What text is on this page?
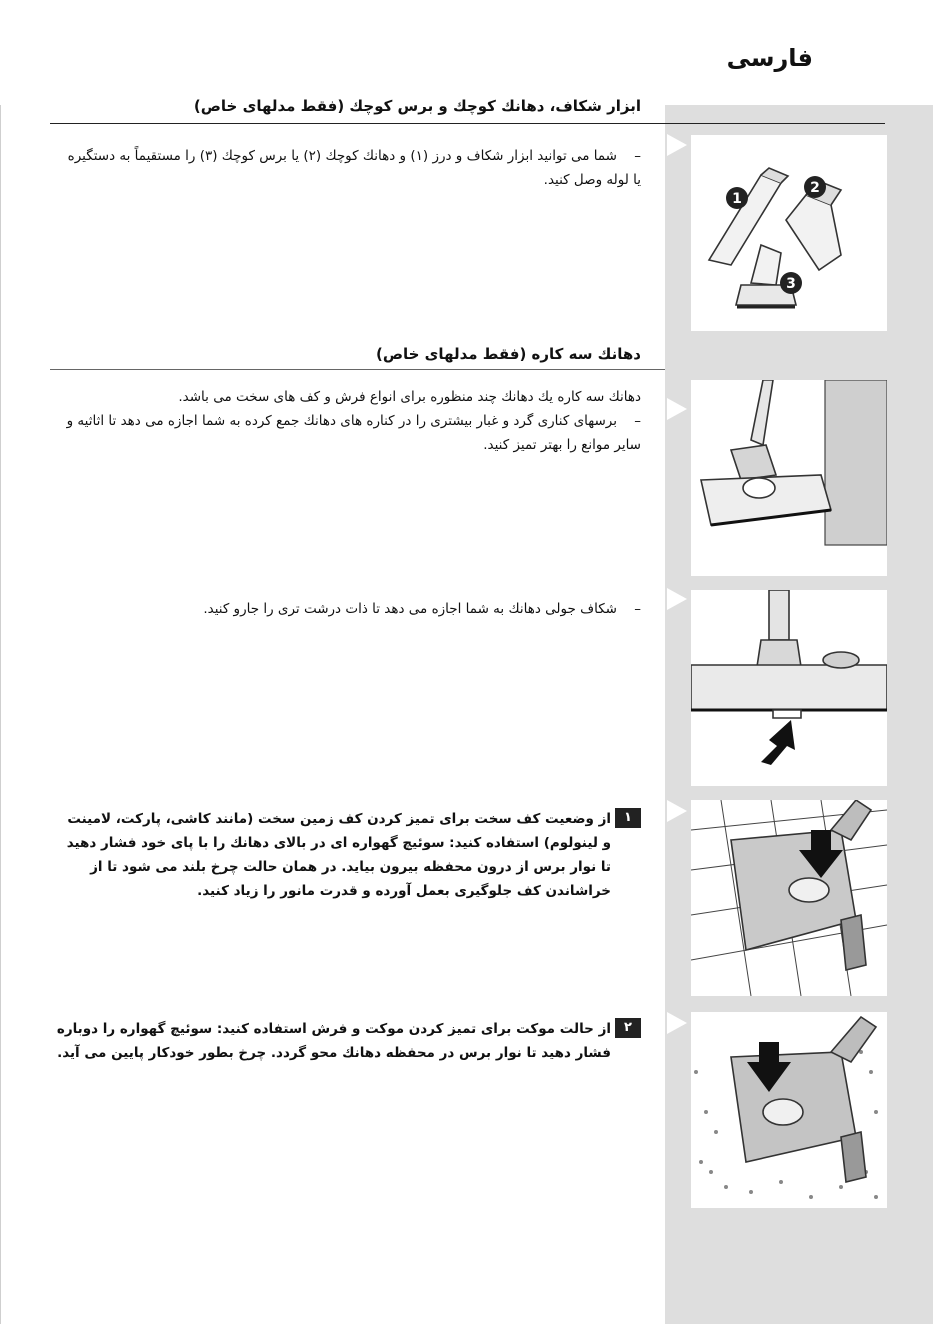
فارسی
ابزار شكاف، دهانك كوچك و برس كوچك (فقط مدلهای خاص)
–شما می توانید ابزار شكاف و درز (۱) و دهانك كوچك (۲) یا برس كوچك (۳) را مستقیماً به دستگیره یا لوله وصل كنید.
1
2
3
دهانك سه كاره (فقط مدلهای خاص)
دهانك سه كاره یك دهانك چند منظوره برای انواع فرش و كف های سخت می باشد.
–برسهای كناری گرد و غبار بیشتری را در كناره های دهانك جمع كرده به شما اجازه می دهد تا اثاثیه و سایر موانع را بهتر تمیز كنید.
–شكاف جولی دهانك به شما اجازه می دهد تا ذات درشت تری را جارو كنید.
۱
از وضعیت كف سخت برای تمیز كردن كف زمین سخت (مانند كاشی، پاركت، لامینت و لینولوم) استفاده كنید: سوئیچ گهواره ای در بالای دهانك را با پای خود فشار دهید تا نوار برس از درون محفظه بیرون بیاید. در همان حالت چرخ بلند می شود تا از خراشاندن كف جلوگیری بعمل آورده و قدرت مانور را زیاد كنید.
۲
از حالت موكت برای تمیز كردن موكت و فرش استفاده كنید: سوئیچ گهواره را دوباره فشار دهید تا نوار برس در محفظه دهانك محو گردد. چرخ بطور خودكار پایین می آید.
